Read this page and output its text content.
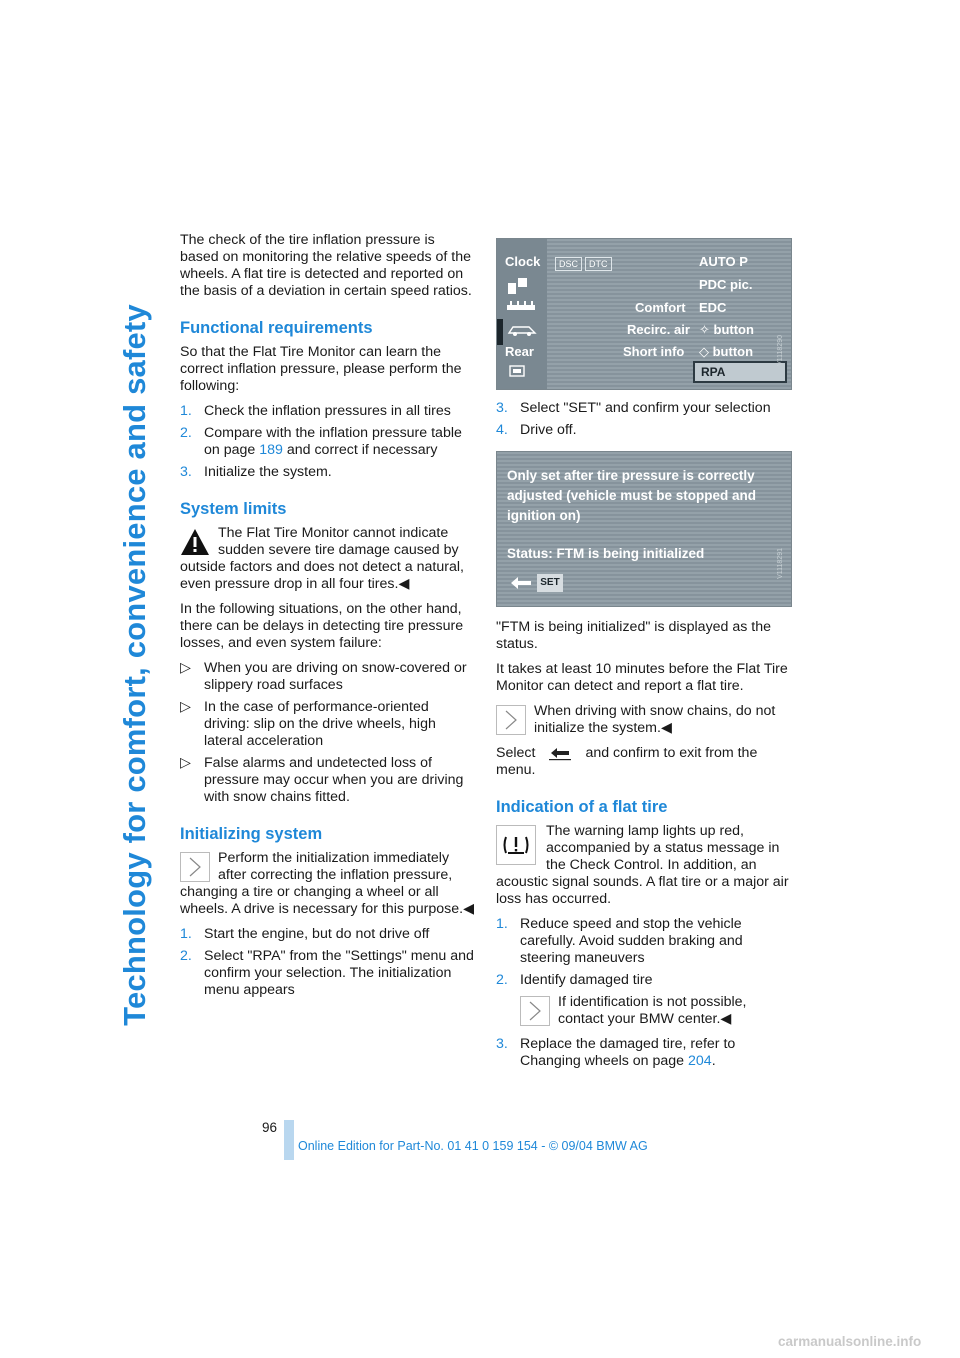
Technology for comfort, convenience and safety

The check of the tire inflation pressure is based on monitoring the relative speeds of the wheels. A flat tire is detected and reported on the basis of a deviation in certain speed ratios.

Functional requirements

So that the Flat Tire Monitor can learn the correct inflation pressure, please perform the following:

1. Check the inflation pressures in all tires
2. Compare with the inflation pressure table on page 189 and correct if necessary
3. Initialize the system.
System limits
The Flat Tire Monitor cannot indicate sudden severe tire damage caused by outside factors and does not detect a natural, even pressure drop in all four tires.◀

In the following situations, on the other hand, there can be delays in detecting tire pressure losses, and even system failure:

▷ When you are driving on snow-covered or slippery road surfaces
▷ In the case of performance-oriented driving: slip on the drive wheels, high lateral acceleration
▷ False alarms and undetected loss of pressure may occur when you are driving with snow chains fitted.
Initializing system
Perform the initialization immediately after correcting the inflation pressure, changing a tire or changing a wheel or all wheels. A drive is necessary for this purpose.◀
1. Start the engine, but do not drive off
2. Select "RPA" from the "Settings" menu and confirm your selection. The initialization menu appears
Clock
Rear
DSC	DTC	AUTO P
PDC pic.
Comfort EDC
Recirc. air ✧ button
Short info ◇ button
RPA
V1118290
3. Select "SET" and confirm your selection
4. Drive off.
Only set after tire pressure is correctly
adjusted (vehicle must be stopped and
ignition on)
Status: FTM is being initialized
SET
V1118291

"FTM is being initialized" is displayed as the status.

It takes at least 10 minutes before the Flat Tire Monitor can detect and report a flat tire.

When driving with snow chains, do not initialize the system.◀

Select	and confirm to exit from the menu.

Indication of a flat tire
The warning lamp lights up red, accompanied by a status message in the Check Control. In addition, an acoustic signal sounds. A flat tire or a major air loss has occurred.
1. Reduce speed and stop the vehicle carefully. Avoid sudden braking and steering maneuvers
2. Identify damaged tire
If identification is not possible, contact your BMW center.◀
3. Replace the damaged tire, refer to Changing wheels on page 204.
96
Online Edition for Part-No. 01 41 0 159 154 - © 09/04 BMW AG
carmanualsonline.info
